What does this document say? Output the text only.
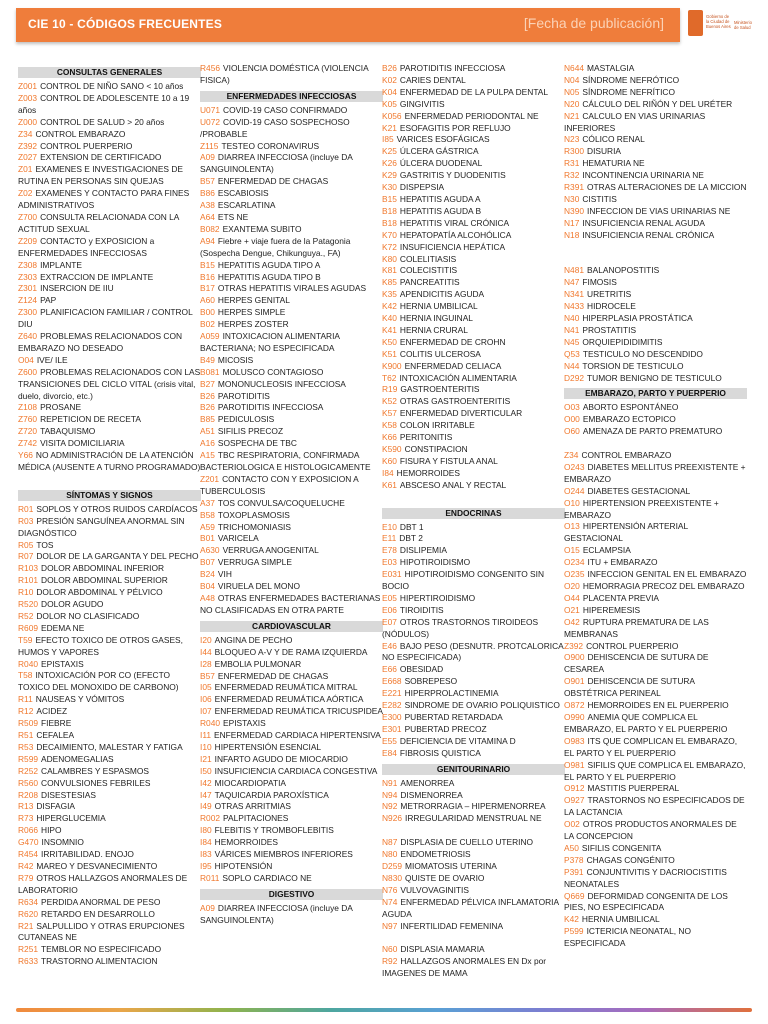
CIE 10 - CÓDIGOS FRECUENTES	[Fecha de publicación]	Gobierno de la Ciudad de Buenos Aires
Ministerio de Salud
CONSULTAS GENERALES
Z001 CONTROL DE NIÑO SANO < 10 años
Z003 CONTROL DE ADOLESCENTE 10 a 19 años
Z000 CONTROL DE SALUD > 20 años
Z34 CONTROL EMBARAZO
Z392 CONTROL PUERPERIO
Z027 EXTENSION DE CERTIFICADO
Z01 EXAMENES E INVESTIGACIONES DE RUTINA EN PERSONAS SIN QUEJAS
Z02 EXAMENES Y CONTACTO PARA FINES ADMINISTRATIVOS
Z700 CONSULTA RELACIONADA CON LA ACTITUD SEXUAL
Z209 CONTACTO y EXPOSICION a ENFERMEDADES INFECCIOSAS
Z308 IMPLANTE
Z303 EXTRACCION DE IMPLANTE
Z301 INSERCION DE IIU
Z124 PAP
Z300 PLANIFICACION FAMILIAR / CONTROL DIU
Z640 PROBLEMAS RELACIONADOS CON EMBARAZO NO DESEADO
O04 IVE/ ILE
Z600 PROBLEMAS RELACIONADOS CON LAS TRANSICIONES DEL CICLO VITAL (crisis vital, duelo, divorcio, etc.)
Z108 PROSANE
Z760 REPETICION DE RECETA
Z720 TABAQUISMO
Z742 VISITA DOMICILIARIA
Y66 NO ADMINISTRACIÓN DE LA ATENCIÓN MÉDICA (AUSENTE A TURNO PROGRAMADO)
SÍNTOMAS Y SIGNOS
R01 SOPLOS Y OTROS RUIDOS CARDÍACOS
R03 PRESIÓN SANGUÍNEA ANORMAL SIN DIAGNÓSTICO
R05 TOS
R07 DOLOR DE LA GARGANTA Y DEL PECHO
R103 DOLOR ABDOMINAL INFERIOR
R101 DOLOR ABDOMINAL SUPERIOR
R10 DOLOR ABDOMINAL Y PÉLVICO
R520 DOLOR AGUDO
R52 DOLOR NO CLASIFICADO
R609 EDEMA NE
T59 EFECTO TOXICO DE OTROS GASES, HUMOS Y VAPORES
R040 EPISTAXIS
T58 INTOXICACIÓN POR CO (EFECTO TOXICO DEL MONOXIDO DE CARBONO)
R11 NAUSEAS Y VÓMITOS
R12 ACIDEZ
R509 FIEBRE
R51 CEFALEA
R53 DECAIMIENTO, MALESTAR Y FATIGA
R599 ADENOMEGALIAS
R252 CALAMBRES Y ESPASMOS
R560 CONVULSIONES FEBRILES
R208 DISESTESIAS
R13 DISFAGIA
R73 HIPERGLUCEMIA
R066 HIPO
G470 INSOMNIO
R454 IRRITABILIDAD. ENOJO
R42 MAREO Y DESVANECIMIENTO
R79 OTROS HALLAZGOS ANORMALES DE LABORATORIO
R634 PERDIDA ANORMAL DE PESO
R620 RETARDO EN DESARROLLO
R21 SALPULLIDO Y OTRAS ERUPCIONES CUTANEAS NE
R251 TEMBLOR NO ESPECIFICADO
R633 TRASTORNO ALIMENTACION
R456 VIOLENCIA DOMÉSTICA (VIOLENCIA FISICA)
ENFERMEDADES INFECCIOSAS
U071 COVID-19 CASO CONFIRMADO
U072 COVID-19 CASO SOSPECHOSO /PROBABLE
Z115 TESTEO CORONAVIRUS
A09 DIARREA INFECCIOSA (incluye DA SANGUINOLENTA)
B57 ENFERMEDAD DE CHAGAS
B86 ESCABIOSIS
A38 ESCARLATINA
A64 ETS NE
B082 EXANTEMA SUBITO
A94 Fiebre + viaje fuera de la Patagonia (Sospecha Dengue, Chikunguya., FA)
B15 HEPATITIS AGUDA TIPO A
B16 HEPATITIS AGUDA TIPO B
B17 OTRAS HEPATITIS VIRALES AGUDAS
A60 HERPES GENITAL
B00 HERPES SIMPLE
B02 HERPES ZOSTER
A059 INTOXICACION ALIMENTARIA BACTERIANA; NO ESPECIFICADA
B49 MICOSIS
B081 MOLUSCO CONTAGIOSO
B27 MONONUCLEOSIS INFECCIOSA
B26 PAROTIDITIS
B26 PAROTIDITIS INFECCIOSA
B85 PEDICULOSIS
A51 SIFILIS PRECOZ
A16 SOSPECHA DE TBC
A15 TBC RESPIRATORIA, CONFIRMADA BACTERIOLOGICA E HISTOLOGICAMENTE
Z201 CONTACTO CON Y EXPOSICION A TUBERCULOSIS
A37 TOS CONVULSA/COQUELUCHE
B58 TOXOPLASMOSIS
A59 TRICHOMONIASIS
B01 VARICELA
A630 VERRUGA ANOGENITAL
B07 VERRUGA SIMPLE
B24 VIH
B04 VIRUELA DEL MONO
A48 OTRAS ENFERMEDADES BACTERIANAS NO CLASIFICADAS EN OTRA PARTE
CARDIOVASCULAR
I20 ANGINA DE PECHO
I44 BLOQUEO A-V Y DE RAMA IZQUIERDA
I28 EMBOLIA PULMONAR
B57 ENFERMEDAD DE CHAGAS
I05 ENFERMEDAD REUMÁTICA MITRAL
I06 ENFERMEDAD REUMÁTICA AÓRTICA
I07 ENFERMEDAD REUMÁTICA TRICUSPIDEA
R040 EPISTAXIS
I11 ENFERMEDAD CARDIACA HIPERTENSIVA
I10 HIPERTENSIÓN ESENCIAL
I21 INFARTO AGUDO DE MIOCARDIO
I50 INSUFICIENCIA CARDIACA CONGESTIVA
I42 MIOCARDIOPATIA
I47 TAQUICARDIA PAROXÍSTICA
I49 OTRAS ARRITMIAS
R002 PALPITACIONES
I80 FLEBITIS Y TROMBOFLEBITIS
I84 HEMORROIDES
I83 VÁRICES MIEMBROS INFERIORES
I95 HIPOTENSIÓN
R011 SOPLO CARDIACO NE
DIGESTIVO
A09 DIARREA INFECCIOSA (incluye DA SANGUINOLENTA)
B26 PAROTIDITIS INFECCIOSA
K02 CARIES DENTAL
K04 ENFERMEDAD DE LA PULPA DENTAL
K05 GINGIVITIS
K056 ENFERMEDAD PERIODONTAL NE
K21 ESOFAGITIS POR REFLUJO
I85 VARICES ESOFÁGICAS
K25 ÚLCERA GÁSTRICA
K26 ÚLCERA DUODENAL
K29 GASTRITIS Y DUODENITIS
K30 DISPEPSIA
B15 HEPATITIS AGUDA A
B18 HEPATITIS AGUDA B
B18 HEPATITIS VIRAL CRÓNICA
K70 HEPATOPATÍA ALCOHÓLICA
K72 INSUFICIENCIA HEPÁTICA
K80 COLELITIASIS
K81 COLECISTITIS
K85 PANCREATITIS
K35 APENDICITIS AGUDA
K42 HERNIA UMBILICAL
K40 HERNIA INGUINAL
K41 HERNIA CRURAL
K50 ENFERMEDAD DE CROHN
K51 COLITIS ULCEROSA
K900 ENFERMEDAD CELIACA
T62 INTOXICACIÓN ALIMENTARIA
R19 GASTROENTERITIS
K52 OTRAS GASTROENTERITIS
K57 ENFERMEDAD DIVERTICULAR
K58 COLON IRRITABLE
K66 PERITONITIS
K590 CONSTIPACION
K60 FISURA Y FISTULA ANAL
I84 HEMORROIDES
K61 ABSCESO ANAL Y RECTAL
ENDOCRINAS
E10 DBT 1
E11 DBT 2
E78 DISLIPEMIA
E03 HIPOTIROIDISMO
E031 HIPOTIROIDISMO CONGENITO SIN BOCIO
E05 HIPERTIROIDISMO
E06 TIROIDITIS
E07 OTROS TRASTORNOS TIROIDEOS (NÓDULOS)
E46 BAJO PESO (DESNUTR. PROTCALORICA NO ESPECIFICADA)
E66 OBESIDAD
E668 SOBREPESO
E221 HIPERPROLACTINEMIA
E282 SINDROME DE OVARIO POLIQUISTICO
E300 PUBERTAD RETARDADA
E301 PUBERTAD PRECOZ
E55 DEFICIENCIA DE VITAMINA D
E84 FIBROSIS QUISTICA
GENITOURINARIO
N91 AMENORREA
N94 DISMENORREA
N92 METRORRAGIA – HIPERMENORREA
N926 IRREGULARIDAD MENSTRUAL NE
N87 DISPLASIA DE CUELLO UTERINO
N80 ENDOMETRIOSIS
D259 MIOMATOSIS UTERINA
N830 QUISTE DE OVARIO
N76 VULVOVAGINITIS
N74 ENFERMEDAD PÉLVICA INFLAMATORIA AGUDA
N97 INFERTILIDAD FEMENINA
N60 DISPLASIA MAMARIA
R92 HALLAZGOS ANORMALES EN Dx por IMAGENES DE MAMA
N644 MASTALGIA
N04 SÍNDROME NEFRÓTICO
N05 SÍNDROME NEFRÍTICO
N20 CÁLCULO DEL RIÑÓN Y DEL URÉTER
N21 CALCULO EN VIAS URINARIAS INFERIORES
N23 CÓLICO RENAL
R300 DISURIA
R31 HEMATURIA NE
R32 INCONTINENCIA URINARIA NE
R391 OTRAS ALTERACIONES DE LA MICCION
N30 CISTITIS
N390 INFECCION DE VIAS URINARIAS NE
N17 INSUFICIENCIA RENAL AGUDA
N18 INSUFICIENCIA RENAL CRÓNICA
N481 BALANOPOSTITIS
N47 FIMOSIS
N341 URETRITIS
N433 HIDROCELE
N40 HIPERPLASIA PROSTÁTICA
N41 PROSTATITIS
N45 ORQUIEPIDIDIMITIS
Q53 TESTICULO NO DESCENDIDO
N44 TORSION DE TESTICULO
D292 TUMOR BENIGNO DE TESTICULO
EMBARAZO, PARTO Y PUERPERIO
O03 ABORTO ESPONTÁNEO
O00 EMBARAZO ECTOPICO
O60 AMENAZA DE PARTO PREMATURO
Z34 CONTROL EMBARAZO
O243 DIABETES MELLITUS PREEXISTENTE + EMBARAZO
O244 DIABETES GESTACIONAL
O10 HIPERTENSION PREEXISTENTE + EMBARAZO
O13 HIPERTENSIÓN ARTERIAL GESTACIONAL
O15 ECLAMPSIA
O234 ITU + EMBARAZO
O235 INFECCION GENITAL EN EL EMBARAZO
O20 HEMORRAGIA PRECOZ DEL EMBARAZO
O44 PLACENTA PREVIA
O21 HIPEREMESIS
O42 RUPTURA PREMATURA DE LAS MEMBRANAS
Z392 CONTROL PUERPERIO
O900 DEHISCENCIA DE SUTURA DE CESAREA
O901 DEHISCENCIA DE SUTURA OBSTÉTRICA PERINEAL
O872 HEMORROIDES EN EL PUERPERIO
O990 ANEMIA QUE COMPLICA EL EMBARAZO, EL PARTO Y EL PUERPERIO
O983 ITS QUE COMPLICAN EL EMBARAZO, EL PARTO Y EL PUERPERIO
O981 SIFILIS QUE COMPLICA EL EMBARAZO, EL PARTO Y EL PUERPERIO
O912 MASTITIS PUERPERAL
O927 TRASTORNOS NO ESPECIFICADOS DE LA LACTANCIA
O02 OTROS PRODUCTOS ANORMALES DE LA CONCEPCION
A50 SIFILIS CONGENITA
P378 CHAGAS CONGÉNITO
P391 CONJUNTIVITIS Y DACRIOCISTITIS NEONATALES
Q669 DEFORMIDAD CONGENITA DE LOS PIES, NO ESPECIFICADA
K42 HERNIA UMBILICAL
P599 ICTERICIA NEONATAL, NO ESPECIFICADA
